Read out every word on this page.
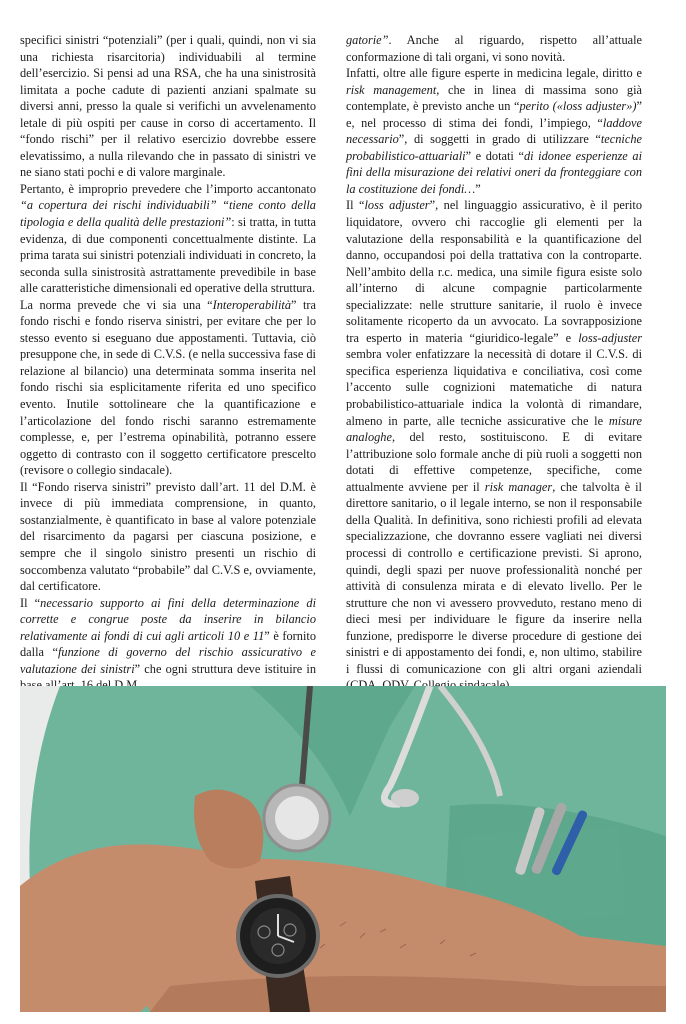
specifici sinistri “potenziali” (per i quali, quindi, non vi sia una richiesta risarcitoria) individuabili al termine dell’esercizio. Si pensi ad una RSA, che ha una sinistrosità limitata a poche cadute di pazienti anziani spalmate su diversi anni, presso la quale si verifichi un avvelenamento letale di più ospiti per cause in corso di accertamento. Il “fondo rischi” per il relativo esercizio dovrebbe essere elevatissimo, a nulla rilevando che in passato di sinistri ve ne siano stati pochi e di valore marginale.

Pertanto, è improprio prevedere che l’importo accantonato “a copertura dei rischi individuabili” “tiene conto della tipologia e della qualità delle prestazioni”: si tratta, in tutta evidenza, di due componenti concettualmente distinte. La prima tarata sui sinistri potenziali individuati in concreto, la seconda sulla sinistrosità astrattamente prevedibile in base alle caratteristiche dimensionali ed operative della struttura.

La norma prevede che vi sia una “Interoperabilità” tra fondo rischi e fondo riserva sinistri, per evitare che per lo stesso evento si eseguano due appostamenti. Tuttavia, ciò presuppone che, in sede di C.V.S. (e nella successiva fase di relazione al bilancio) una determinata somma inserita nel fondo rischi sia esplicitamente riferita ed uno specifico evento. Inutile sottolineare che la quantificazione e l’articolazione del fondo rischi saranno estremamente complesse, e, per l’estrema opinabilità, potranno essere oggetto di contrasto con il soggetto certificatore prescelto (revisore o collegio sindacale).

Il “Fondo riserva sinistri” previsto dall’art. 11 del D.M. è invece di più immediata comprensione, in quanto, sostanzialmente, è quantificato in base al valore potenziale del risarcimento da pagarsi per ciascuna posizione, e sempre che il singolo sinistro presenti un rischio di soccombenza valutato “probabile” dal C.V.S e, ovviamente, dal certificatore.

Il “necessario supporto ai fini della determinazione di corrette e congrue poste da inserire in bilancio relativamente ai fondi di cui agli articoli 10 e 11” è fornito dalla “funzione di governo del rischio assicurativo e valutazione dei sinistri” che ogni struttura deve istituire in

gatorie”. Anche al riguardo, rispetto all’attuale conformazione di tali organi, vi sono novità.

Infatti, oltre alle figure esperte in medicina legale, diritto e risk management, che in linea di massima sono già contemplate, è previsto anche un “perito («loss adjuster»)” e, nel processo di stima dei fondi, l’impiego, “laddove necessario”, di soggetti in grado di utilizzare “tecniche probabilistico-attuariali” e dotati “di idonee esperienze ai fini della misurazione dei relativi oneri da fronteggiare con la costituzione dei fondi…”

Il “loss adjuster”, nel linguaggio assicurativo, è il perito liquidatore, ovvero chi raccoglie gli elementi per la valutazione della responsabilità e la quantificazione del danno, occupandosi poi della trattativa con la controparte. Nell’ambito della r.c. medica, una simile figura esiste solo all’interno di alcune compagnie particolarmente specializzate: nelle strutture sanitarie, il ruolo è invece solitamente ricoperto da un avvocato. La sovrapposizione tra esperto in materia “giuridico-legale” e loss-adjuster sembra voler enfatizzare la necessità di dotare il C.V.S. di specifica esperienza liquidativa e conciliativa, così come l’accento sulle cognizioni matematiche di natura probabilistico-attuariale indica la volontà di rimandare, almeno in parte, alle tecniche assicurative che le misure analoghe, del resto, sostituiscono. E di evitare l’attribuzione solo formale anche di più ruoli a soggetti non dotati di effettive competenze, specifiche, come attualmente avviene per il risk manager, che talvolta è il direttore sanitario, o il legale interno, se non il responsabile della Qualità. In definitiva, sono richiesti profili ad elevata specializzazione, che dovranno essere vagliati nei diversi processi di controllo e certificazione previsti. Si aprono, quindi, degli spazi per nuove professionalità nonché per attività di consulenza mirata e di elevato livello. Per le strutture che non vi avessero provveduto, restano meno di dieci mesi per individuare le figure da inserire nella funzione, predisporre le diverse procedure di gestione dei sinistri e di appostamento dei fondi, e, non ultimo, stabilire i flussi di comunicazione con gli altri organi aziendali
